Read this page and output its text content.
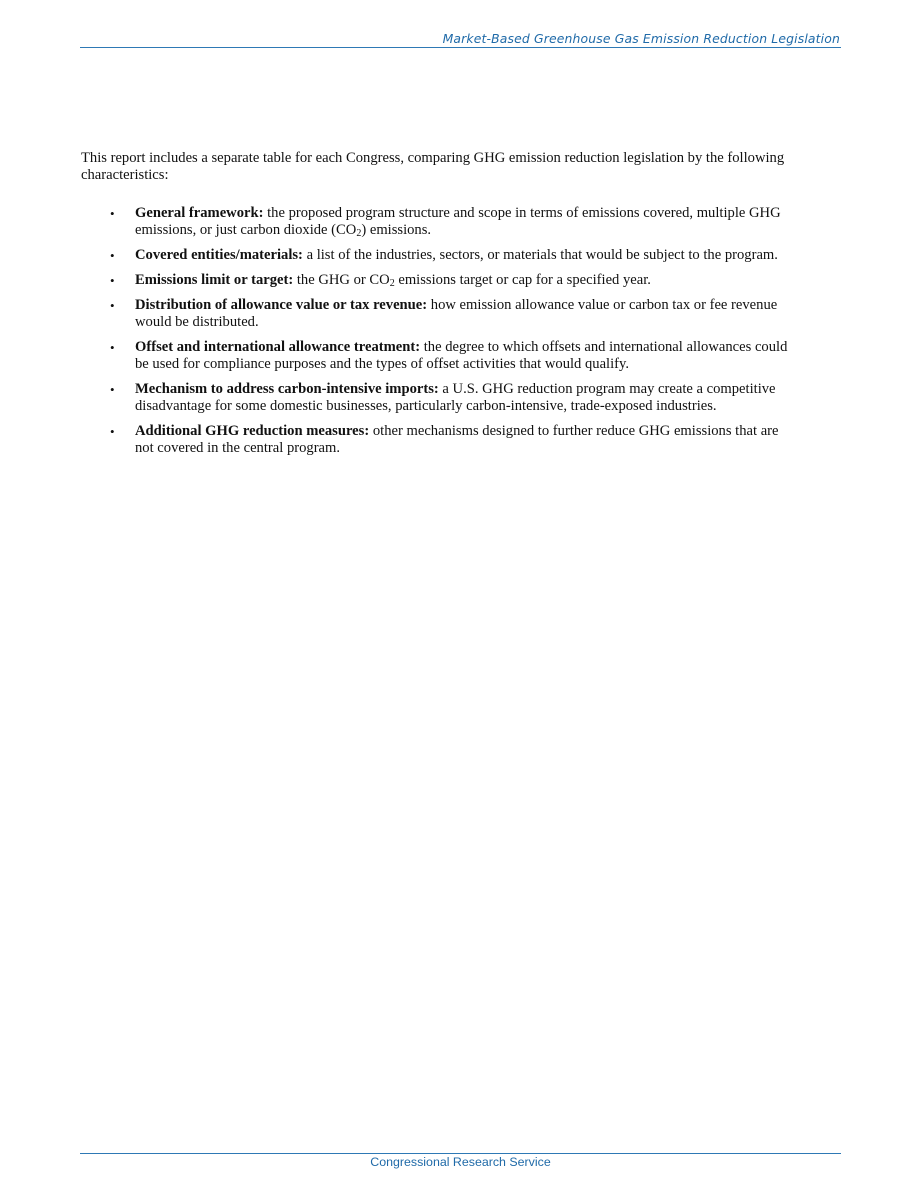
Market-Based Greenhouse Gas Emission Reduction Legislation

This report includes a separate table for each Congress, comparing GHG emission reduction legislation by the following characteristics:

• General framework: the proposed program structure and scope in terms of emissions covered, multiple GHG emissions, or just carbon dioxide $(CO_2)$ emissions.
• Covered entities/materials: a list of the industries, sectors, or materials that would be subject to the program.
• Emissions limit or target: the GHG or $CO_2$ emissions target or cap for a specified year.
• Distribution of allowance value or tax revenue: how emission allowance value or carbon tax or fee revenue would be distributed.
• Offset and international allowance treatment: the degree to which offsets and international allowances could be used for compliance purposes and the types of offset activities that would qualify.
• Mechanism to address carbon-intensive imports: a U.S. GHG reduction program may create a competitive disadvantage for some domestic businesses, particularly carbon-intensive, trade-exposed industries.
• Additional GHG reduction measures: other mechanisms designed to further reduce GHG emissions that are not covered in the central program.
Congressional Research Service
